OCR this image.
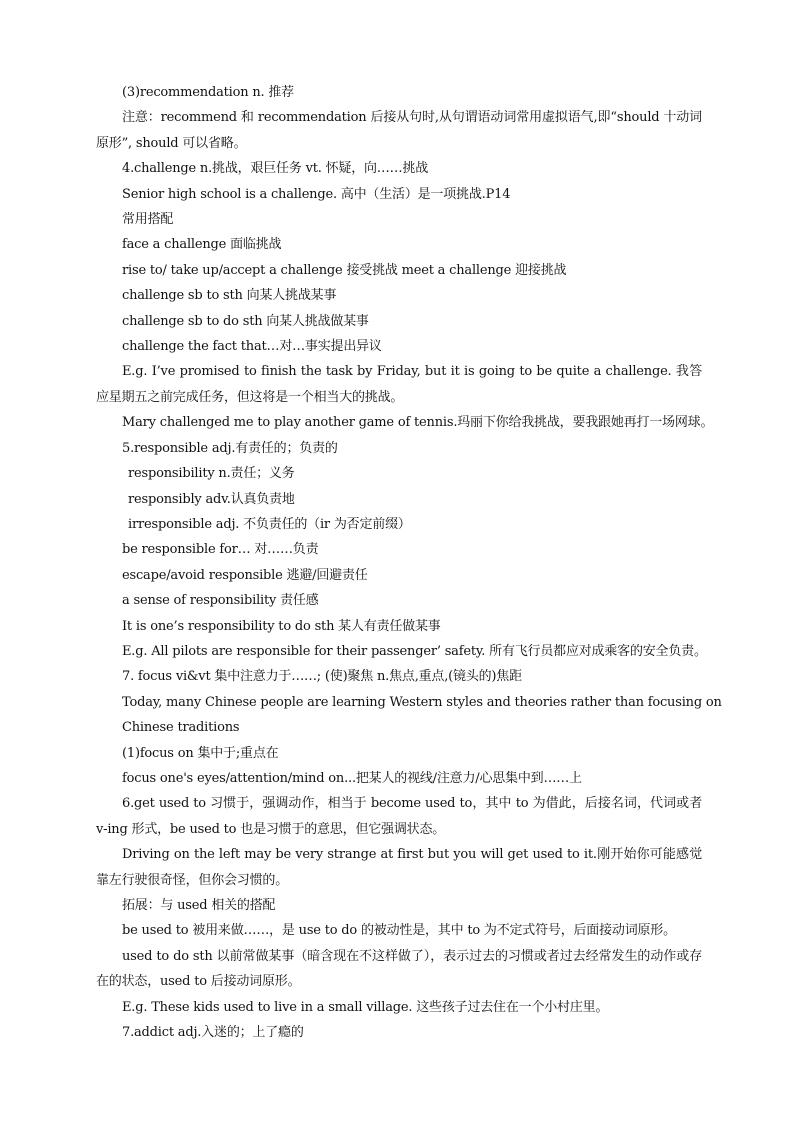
(3)recommendation n. 推荐
注意：recommend 和 recommendation 后接从句时,从句谓语动词常用虚拟语气,即“should 十动词原形”, should 可以省略。
4.challenge n.挑战，艰巨任务 vt. 怀疑，向……挑战
Senior high school is a challenge. 高中（生活）是一项挑战.P14
常用搭配
face a challenge 面临挑战
rise to/ take up/accept a challenge 接受挑战 meet a challenge 迎接挑战
challenge sb to sth 向某人挑战某事
challenge sb to do sth 向某人挑战做某事
challenge the fact that…对…事实提出异议
E.g. I’ve promised to finish the task by Friday, but it is going to be quite a challenge. 我答应星期五之前完成任务，但这将是一个相当大的挑战。
Mary challenged me to play another game of tennis.玛丽下你给我挑战，要我跟她再打一场网球。
5.responsible adj.有责任的；负责的
responsibility n.责任；义务
responsibly adv.认真负责地
irresponsible adj. 不负责任的（ir 为否定前缀）
be responsible for… 对……负责
escape/avoid responsible 逃避/回避责任
a sense of responsibility 责任感
It is one’s responsibility to do sth 某人有责任做某事
E.g. All pilots are responsible for their passenger’ safety. 所有飞行员都应对成乘客的安全负责。
7. focus vi&vt 集中注意力于……; (使)聚焦 n.焦点,重点,(镜头的)焦距
Today, many Chinese people are learning Western styles and theories rather than focusing on
Chinese traditions
(1)focus on 集中于;重点在
focus one's eyes/attention/mind on...把某人的视线/注意力/心思集中到……上
6.get used to 习惯于，强调动作，相当于 become used to，其中 to 为借此，后接名词，代词或者v-ing 形式，be used to 也是习惯于的意思，但它强调状态。
Driving on the left may be very strange at first but you will get used to it.刚开始你可能感觉靠左行驶很奇怪，但你会习惯的。
拓展：与 used 相关的搭配
be used to 被用来做……，是 use to do 的被动性是，其中 to 为不定式符号，后面接动词原形。
used to do sth 以前常做某事（暗含现在不这样做了），表示过去的习惯或者过去经常发生的动作或存在的状态，used to 后接动词原形。
E.g. These kids used to live in a small village. 这些孩子过去住在一个小村庄里。
7.addict adj.入迷的；上了瘾的
